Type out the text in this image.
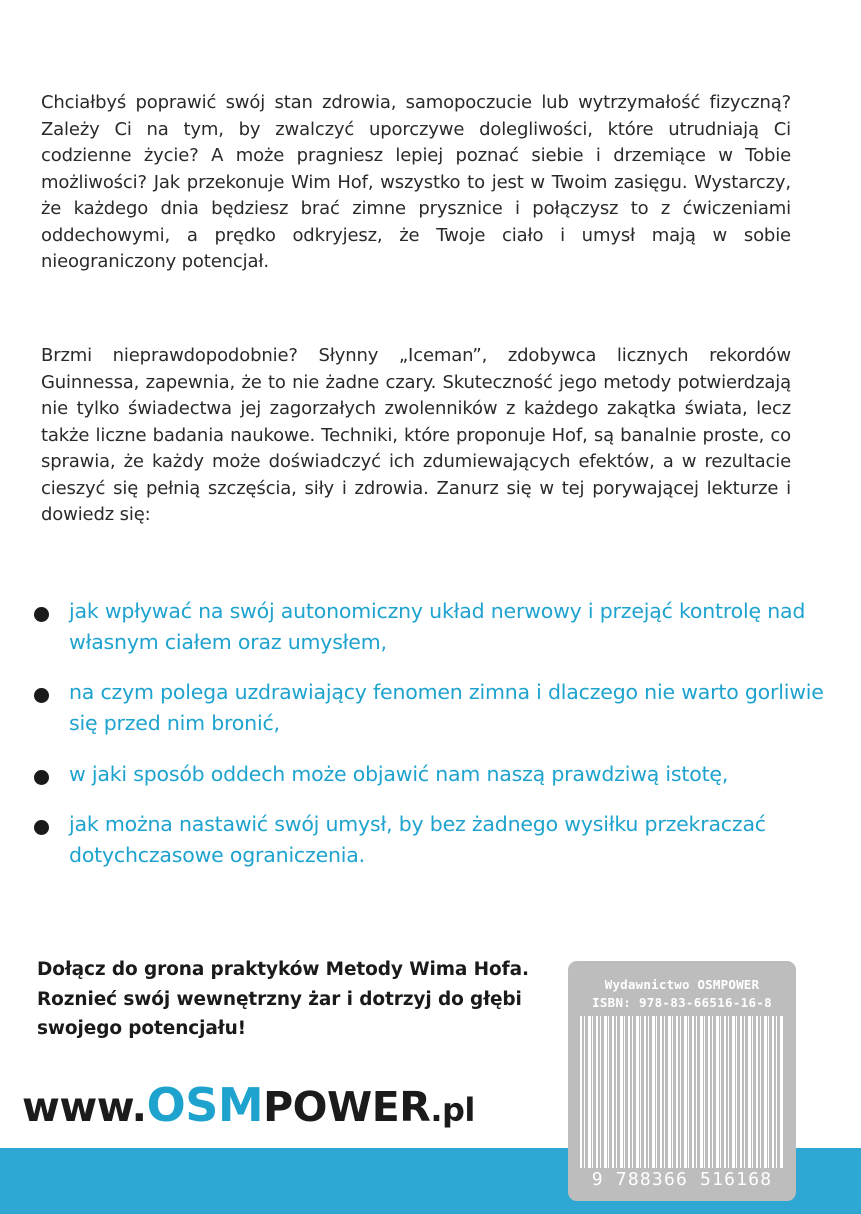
Chciałbyś poprawić swój stan zdrowia, samopoczucie lub wytrzymałość fizyczną? Zależy Ci na tym, by zwalczyć uporczywe dolegliwości, które utrudniają Ci codzienne życie? A może pragniesz lepiej poznać siebie i drzemiące w Tobie możliwości? Jak przekonuje Wim Hof, wszystko to jest w Twoim zasięgu. Wystarczy, że każdego dnia będziesz brać zimne prysznice i połączysz to z ćwiczeniami oddechowymi, a prędko odkryjesz, że Twoje ciało i umysł mają w sobie nieograniczony potencjał.

Brzmi nieprawdopodobnie? Słynny „Iceman”, zdobywca licznych rekordów Guinnessa, zapewnia, że to nie żadne czary. Skuteczność jego metody potwierdzają nie tylko świadectwa jej zagorzałych zwolenników z każdego zakątka świata, lecz także liczne badania naukowe. Techniki, które proponuje Hof, są banalnie proste, co sprawia, że każdy może doświadczyć ich zdumiewających efektów, a w rezultacie cieszyć się pełnią szczęścia, siły i zdrowia. Zanurz się w tej porywającej lekturze i dowiedz się:

jak wpływać na swój autonomiczny układ nerwowy i przejąć kontrolę nad własnym ciałem oraz umysłem,
na czym polega uzdrawiający fenomen zimna i dlaczego nie warto gorliwie się przed nim bronić,
w jaki sposób oddech może objawić nam naszą prawdziwą istotę,
jak można nastawić swój umysł, by bez żadnego wysiłku przekraczać dotychczasowe ograniczenia.
Dołącz do grona praktyków Metody Wima Hofa.
Roznieć swój wewnętrzny żar i dotrzyj do głębi
swojego potencjału!
www.OSMPOWER.pl
Wydawnictwo OSMPOWER
ISBN: 978-83-66516-16-8
9 788366 516168
